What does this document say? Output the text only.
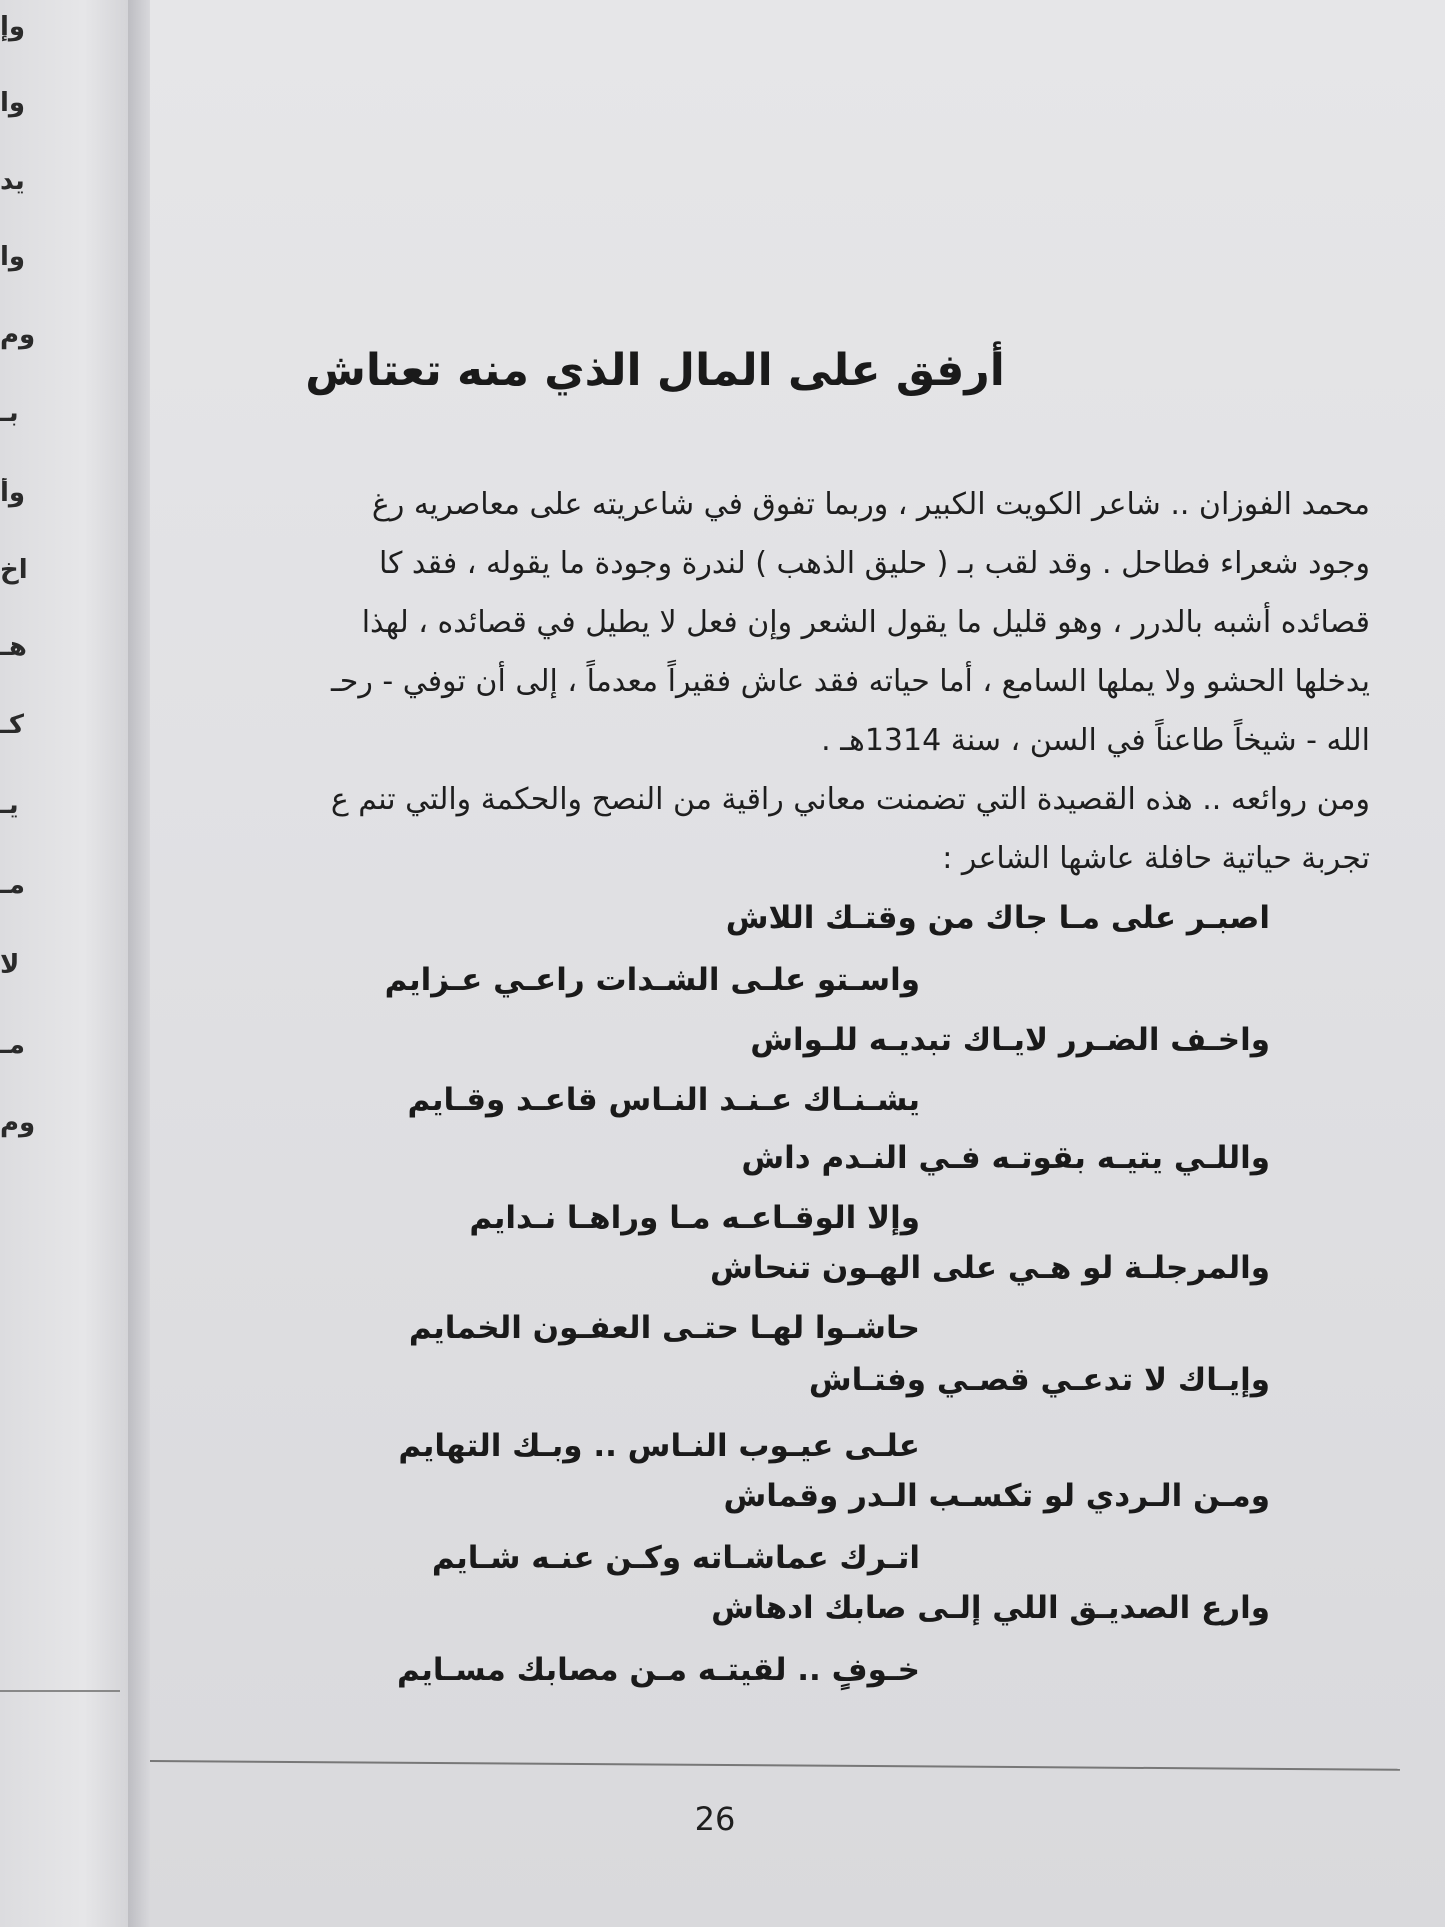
وإ
وا
يد
وا
وم
بـ
وأ
اخ
هـ
كـ
يـ
مـ
لا
مـ
وم
أرفق على المال الذي منه تعتاش
محمد الفوزان .. شاعر الكويت الكبير ، وربما تفوق في شاعريته على معاصريه رغ
وجود شعراء فطاحل . وقد لقب بـ ( حليق الذهب ) لندرة وجودة ما يقوله ، فقد كا
قصائده أشبه بالدرر ، وهو قليل ما يقول الشعر وإن فعل لا يطيل في قصائده ، لهذا
يدخلها الحشو ولا يملها السامع ، أما حياته فقد عاش فقيراً معدماً ، إلى أن توفي - رحـ
الله - شيخاً طاعناً في السن ، سنة 1314هـ .
ومن روائعه .. هذه القصيدة التي تضمنت معاني راقية من النصح والحكمة والتي تنم ع
تجربة حياتية حافلة عاشها الشاعر :
اصبـر على مـا جاك من وقتـك اللاش
واسـتو علـى الشـدات راعـي عـزايم
واخـف الضـرر لايـاك تبديـه للـواش
يشـنـاك عـنـد النـاس قاعـد وقـايم
واللـي يتيـه بقوتـه فـي النـدم داش
وإلا الوقـاعـه مـا وراهـا نـدايم
والمرجلـة لو هـي على الهـون تنحاش
حاشـوا لهـا حتـى العفـون الخمايم
وإيـاك لا تدعـي قصـي وفتـاش
علـى عيـوب النـاس .. وبـك التهايم
ومـن الـردي لو تكسـب الـدر وقماش
اتـرك عماشـاته وكـن عنـه شـايم
وارع الصديـق اللي إلـى صابك ادهاش
خـوفٍ .. لقيتـه مـن مصابك مسـايم
26
